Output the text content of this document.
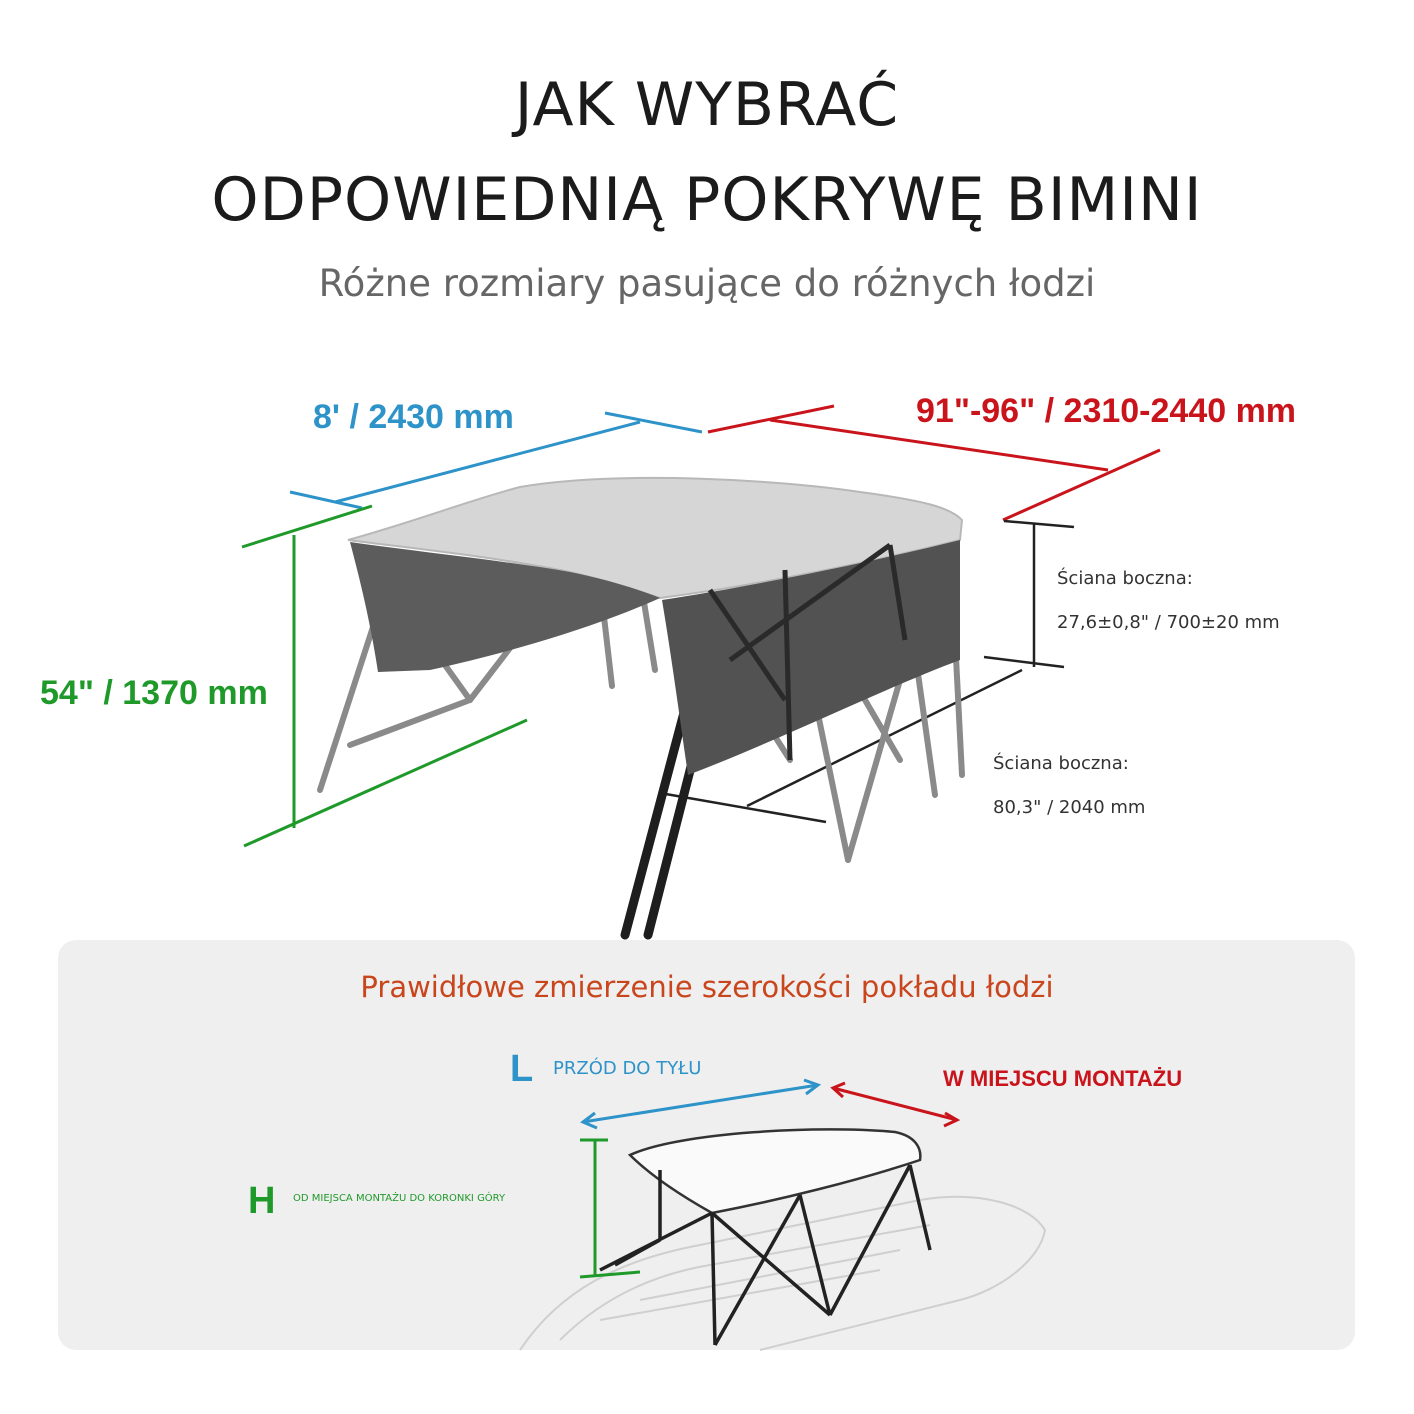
JAK WYBRAĆ
ODPOWIEDNIĄ POKRYWĘ BIMINI
Różne rozmiary pasujące do różnych łodzi
8' / 2430 mm	91"-96" / 2310-2440 mm
54" / 1370 mm
Ściana boczna:
27,6±0,8" / 700±20 mm
Ściana boczna:
80,3" / 2040 mm
Prawidłowe zmierzenie szerokości pokładu łodzi
L PRZÓD DO TYŁU	W MIEJSCU MONTAŻU
H OD MIEJSCA MONTAŻU DO KORONKI GÓRY
